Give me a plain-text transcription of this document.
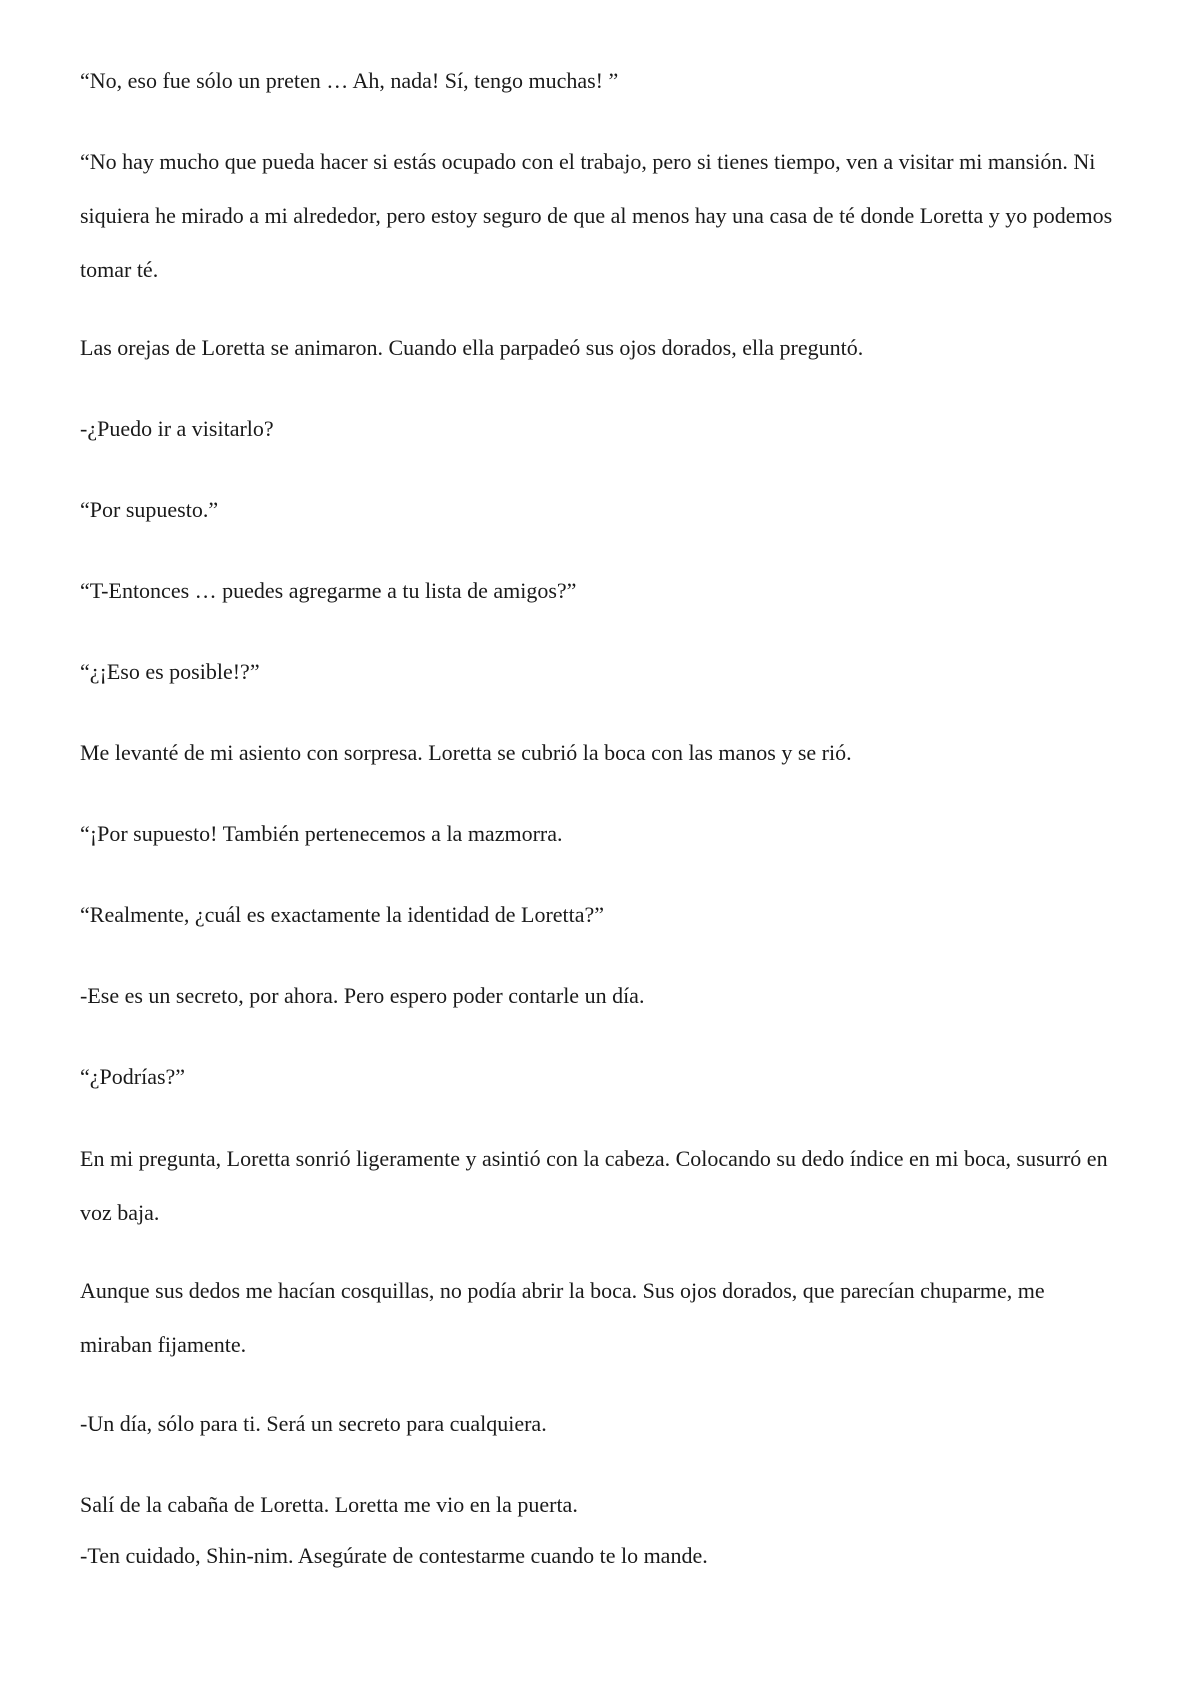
“No, eso fue sólo un preten … Ah, nada! Sí, tengo muchas! ”

“No hay mucho que pueda hacer si estás ocupado con el trabajo, pero si tienes tiempo, ven a visitar mi mansión. Ni siquiera he mirado a mi alrededor, pero estoy seguro de que al menos hay una casa de té donde Loretta y yo podemos tomar té.

Las orejas de Loretta se animaron. Cuando ella parpadeó sus ojos dorados, ella preguntó.

-¿Puedo ir a visitarlo?

“Por supuesto.”

“T-Entonces … puedes agregarme a tu lista de amigos?”

“¿¡Eso es posible!?”

Me levanté de mi asiento con sorpresa. Loretta se cubrió la boca con las manos y se rió.

“¡Por supuesto! También pertenecemos a la mazmorra.

“Realmente, ¿cuál es exactamente la identidad de Loretta?”

-Ese es un secreto, por ahora. Pero espero poder contarle un día.

“¿Podrías?”

En mi pregunta, Loretta sonrió ligeramente y asintió con la cabeza. Colocando su dedo índice en mi boca, susurró en voz baja.

Aunque sus dedos me hacían cosquillas, no podía abrir la boca. Sus ojos dorados, que parecían chuparme, me miraban fijamente.

-Un día, sólo para ti. Será un secreto para cualquiera.

Salí de la cabaña de Loretta. Loretta me vio en la puerta.

-Ten cuidado, Shin-nim. Asegúrate de contestarme cuando te lo mande.
